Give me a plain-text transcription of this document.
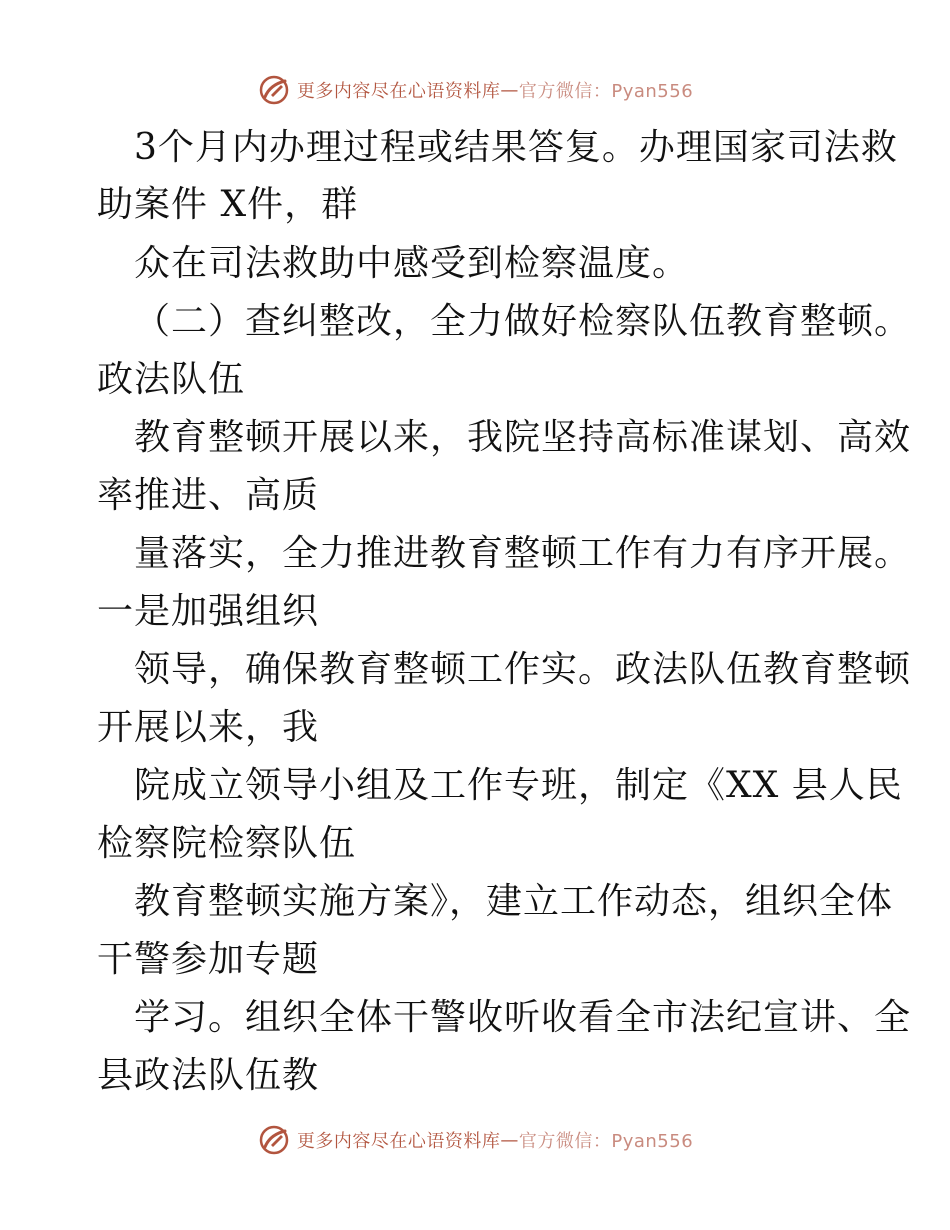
更多内容尽在心语资料库 — 官方微信：Pyan556
3个月内办理过程或结果答复。办理国家司法救
助案件 X件，群
众在司法救助中感受到检察温度。
（二）查纠整改，全力做好检察队伍教育整顿。
政法队伍
教育整顿开展以来，我院坚持高标准谋划、高效
率推进、高质
量落实，全力推进教育整顿工作有力有序开展。
一是加强组织
领导，确保教育整顿工作实。政法队伍教育整顿
开展以来，我
院成立领导小组及工作专班，制定《XX 县人民
检察院检察队伍
教育整顿实施方案》，建立工作动态，组织全体
干警参加专题
学习。组织全体干警收听收看全市法纪宣讲、全
县政法队伍教
更多内容尽在心语资料库 — 官方微信：Pyan556
